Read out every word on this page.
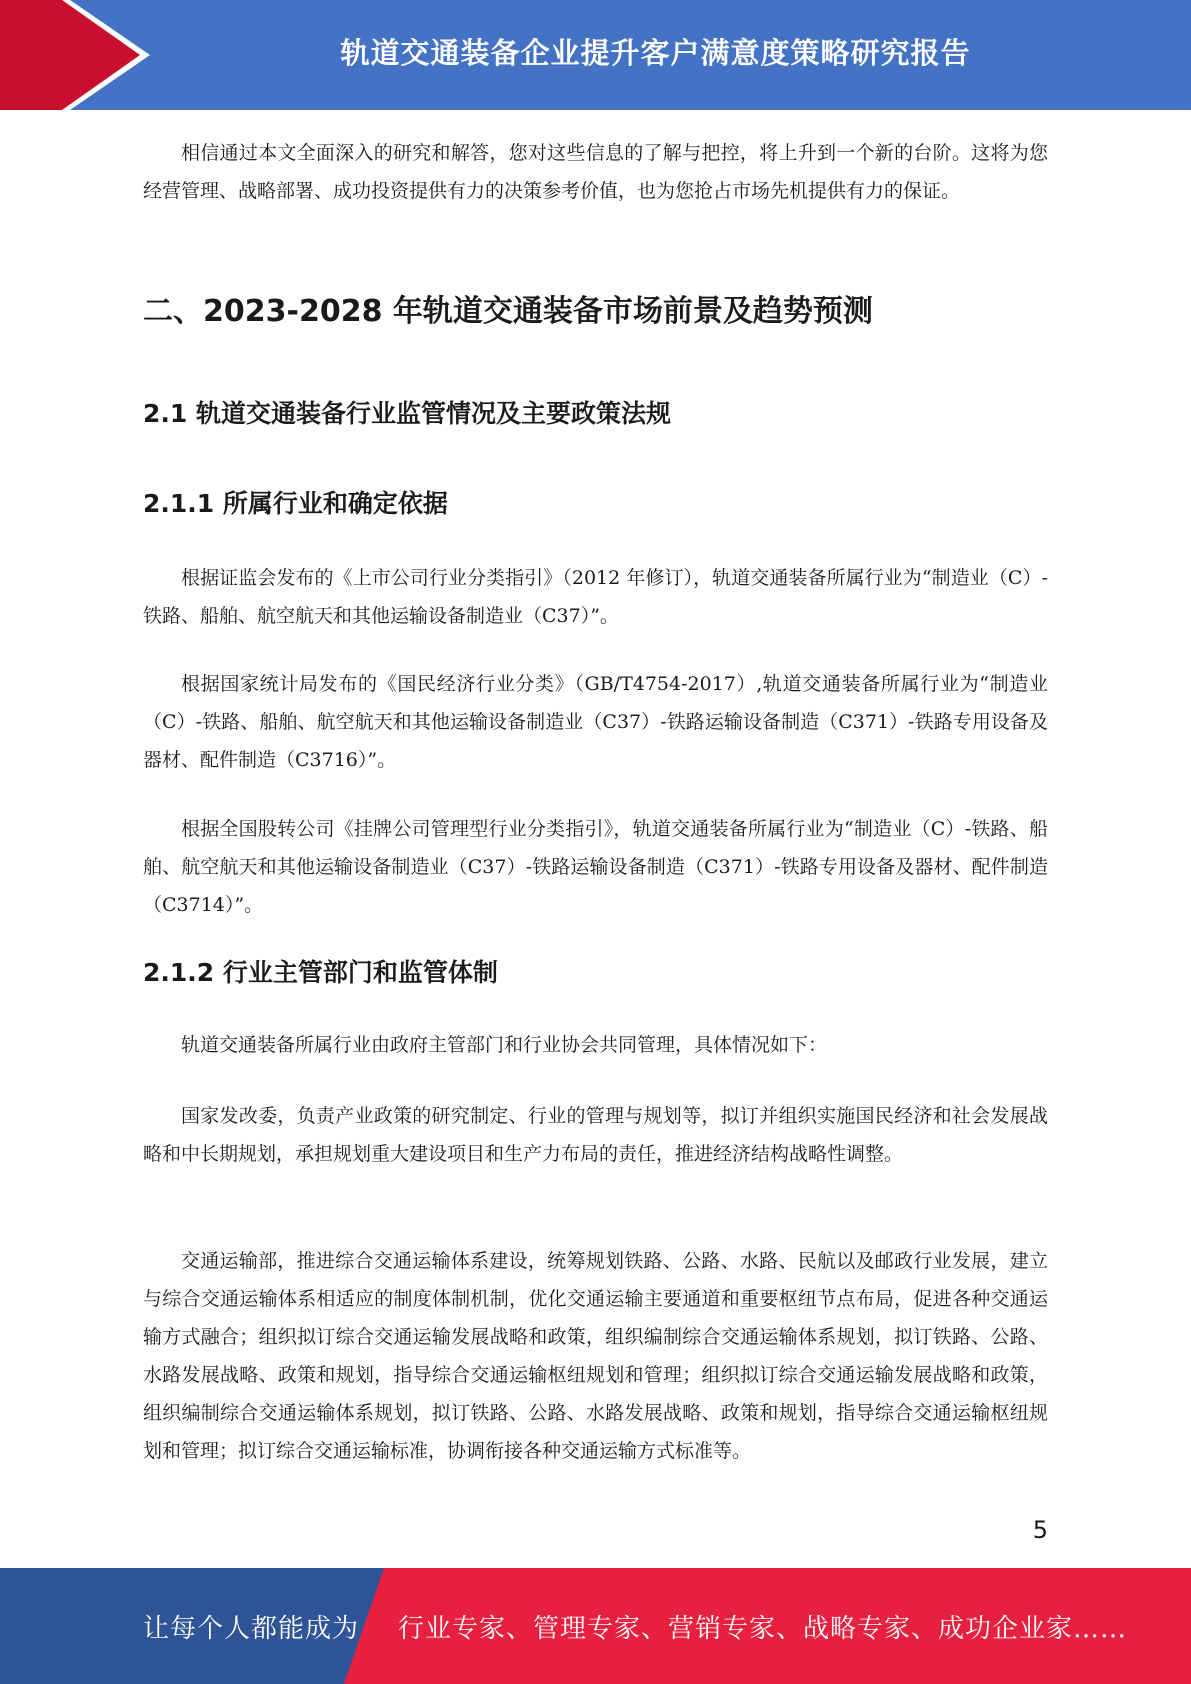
轨道交通装备企业提升客户满意度策略研究报告

相信通过本文全面深入的研究和解答，您对这些信息的了解与把控，将上升到一个新的台阶。这将为您经营管理、战略部署、成功投资提供有力的决策参考价值，也为您抢占市场先机提供有力的保证。

二、2023-2028 年轨道交通装备市场前景及趋势预测
2.1 轨道交通装备行业监管情况及主要政策法规
2.1.1 所属行业和确定依据

根据证监会发布的《上市公司行业分类指引》（2012 年修订），轨道交通装备所属行业为“制造业（C）-铁路、船舶、航空航天和其他运输设备制造业（C37）”。

根据国家统计局发布的《国民经济行业分类》（GB/T4754-2017）,轨道交通装备所属行业为“制造业（C）-铁路、船舶、航空航天和其他运输设备制造业（C37）-铁路运输设备制造（C371）-铁路专用设备及器材、配件制造（C3716）”。

根据全国股转公司《挂牌公司管理型行业分类指引》，轨道交通装备所属行业为“制造业（C）-铁路、船舶、航空航天和其他运输设备制造业（C37）-铁路运输设备制造（C371）-铁路专用设备及器材、配件制造（C3714）”。

2.1.2 行业主管部门和监管体制

轨道交通装备所属行业由政府主管部门和行业协会共同管理，具体情况如下：

国家发改委，负责产业政策的研究制定、行业的管理与规划等，拟订并组织实施国民经济和社会发展战略和中长期规划，承担规划重大建设项目和生产力布局的责任，推进经济结构战略性调整。

交通运输部，推进综合交通运输体系建设，统筹规划铁路、公路、水路、民航以及邮政行业发展，建立与综合交通运输体系相适应的制度体制机制，优化交通运输主要通道和重要枢纽节点布局，促进各种交通运输方式融合；组织拟订综合交通运输发展战略和政策，组织编制综合交通运输体系规划，拟订铁路、公路、水路发展战略、政策和规划，指导综合交通运输枢纽规划和管理；组织拟订综合交通运输发展战略和政策，组织编制综合交通运输体系规划，拟订铁路、公路、水路发展战略、政策和规划，指导综合交通运输枢纽规划和管理；拟订综合交通运输标准，协调衔接各种交通运输方式标准等。

5
让每个人都能成为 行业专家、管理专家、营销专家、战略专家、成功企业家……
